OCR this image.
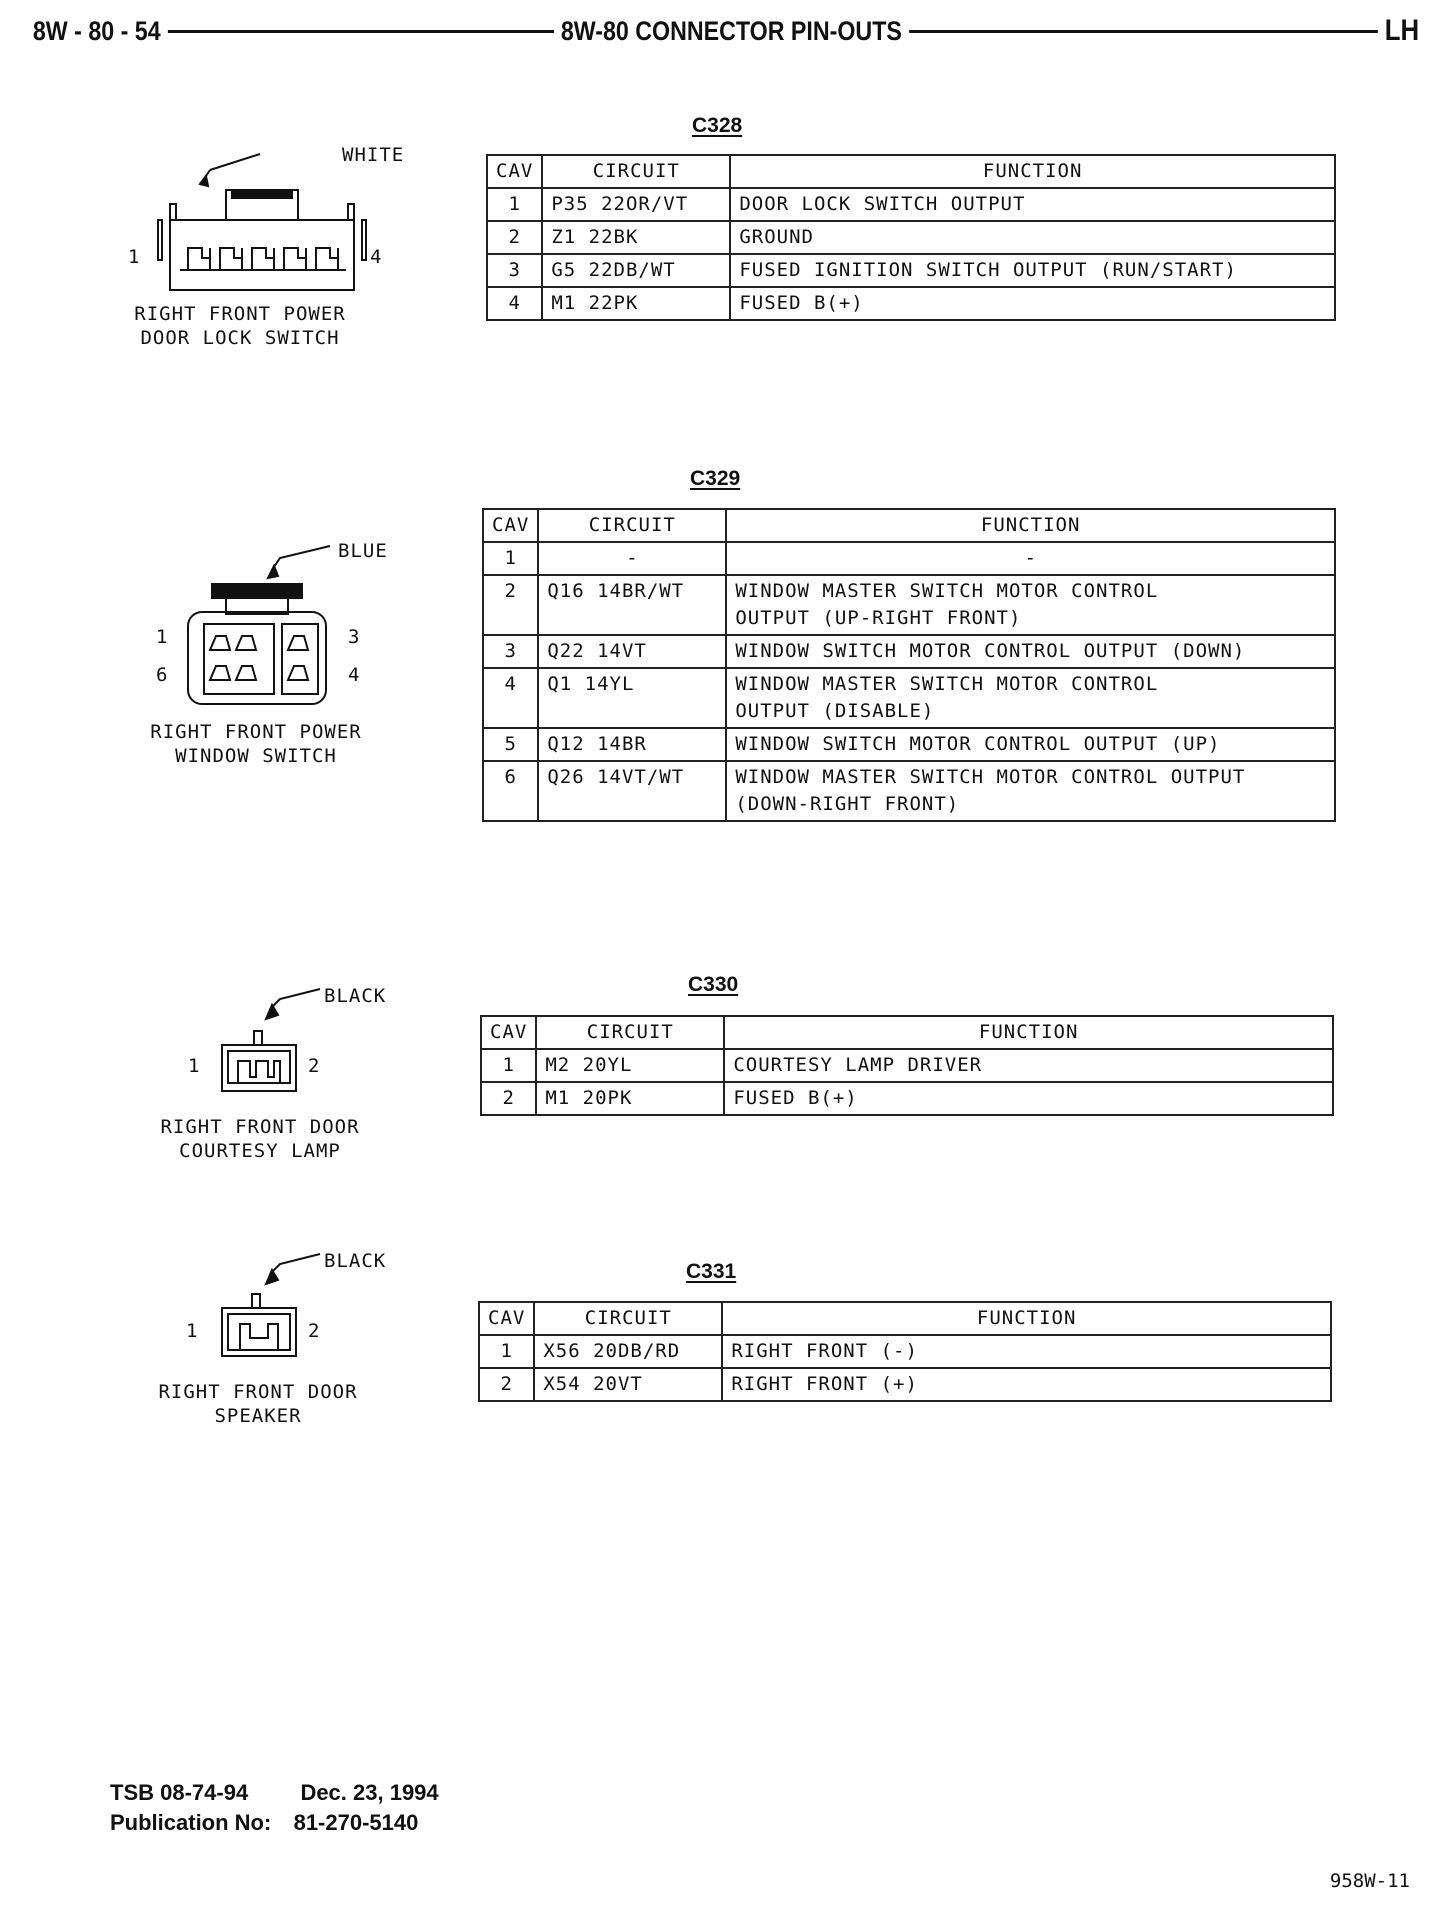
8W - 80 - 54	8W-80 CONNECTOR PIN-OUTS	LH
WHITE
1	4
RIGHT FRONT POWER
DOOR LOCK SWITCH
C328
CAV	CIRCUIT	FUNCTION
1	P35 22OR/VT	DOOR LOCK SWITCH OUTPUT
2	Z1 22BK	GROUND
3	G5 22DB/WT	FUSED IGNITION SWITCH OUTPUT (RUN/START)
4	M1 22PK	FUSED B(+)
BLUE
1
6
3
4
RIGHT FRONT POWER
WINDOW SWITCH
C329
CAV	CIRCUIT	FUNCTION
1	-	-
2	Q16 14BR/WT	WINDOW MASTER SWITCH MOTOR CONTROL
OUTPUT (UP-RIGHT FRONT)
3	Q22 14VT	WINDOW SWITCH MOTOR CONTROL OUTPUT (DOWN)
4	Q1 14YL	WINDOW MASTER SWITCH MOTOR CONTROL
OUTPUT (DISABLE)
5	Q12 14BR	WINDOW SWITCH MOTOR CONTROL OUTPUT (UP)
6	Q26 14VT/WT	WINDOW MASTER SWITCH MOTOR CONTROL OUTPUT
(DOWN-RIGHT FRONT)
BLACK
1	2
RIGHT FRONT DOOR
COURTESY LAMP
C330
CAV	CIRCUIT	FUNCTION
1	M2 20YL	COURTESY LAMP DRIVER
2	M1 20PK	FUSED B(+)
BLACK
1	2
RIGHT FRONT DOOR
SPEAKER
C331
CAV	CIRCUIT	FUNCTION
1	X56 20DB/RD	RIGHT FRONT (-)
2	X54 20VT	RIGHT FRONT (+)
TSB 08-74-94 Dec. 23, 1994
Publication No: 81-270-5140
958W-11
